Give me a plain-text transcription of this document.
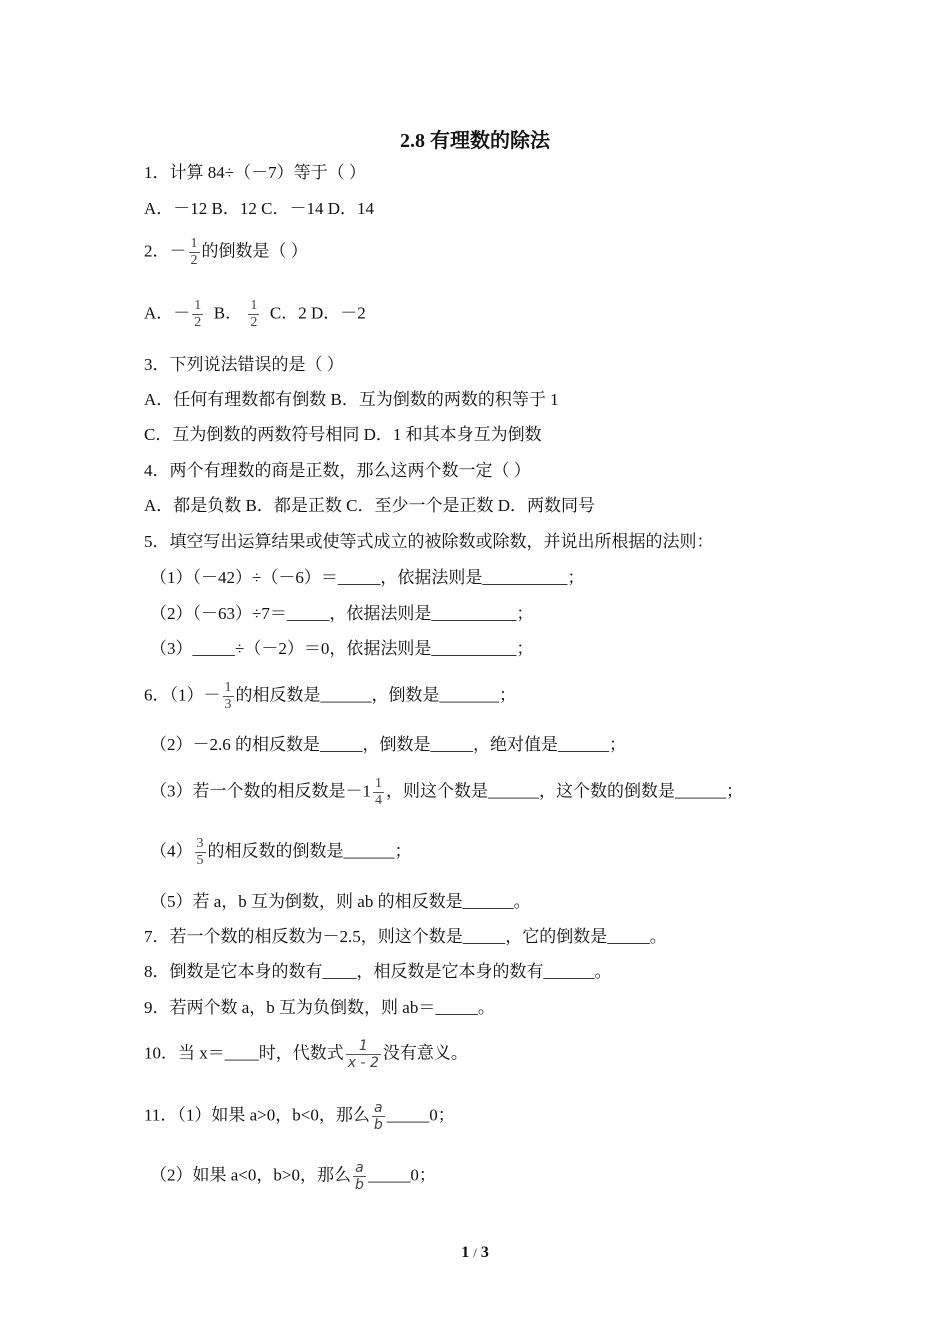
2.8 有理数的除法
1．计算 84÷（－7）等于（ ）
A．－12 B．12 C．－14 D．14
2．－ $\frac{1}{2}$ 的倒数是（ ）
A．－ $\frac{1}{2}$ B． $\frac{1}{2}$ C．2 D．－2
3．下列说法错误的是（ ）
A．任何有理数都有倒数 B．互为倒数的两数的积等于 1
C．互为倒数的两数符号相同 D．1 和其本身互为倒数
4．两个有理数的商是正数，那么这两个数一定（ ）
A．都是负数 B．都是正数 C．至少一个是正数 D．两数同号
5．填空写出运算结果或使等式成立的被除数或除数，并说出所根据的法则：
（1）（－42）÷（－6）＝_____，依据法则是__________；
（2）（－63）÷7＝_____，依据法则是__________；
（3）_____÷（－2）＝0，依据法则是__________；
6．$(1)- \frac{1}{3}$ 的相反数是______，倒数是_______；
（2）－2.6 的相反数是_____，倒数是_____，绝对值是______；
（3）若一个数的相反数是$-1 \frac{1}{4}$ ，则这个数是______，这个数的倒数是______；
$(4) \frac{3}{5}$ 的相反数的倒数是______；
（5）若 a，b 互为倒数，则 ab 的相反数是______。
7．若一个数的相反数为－2.5，则这个数是_____，它的倒数是_____。
8．倒数是它本身的数有____，相反数是它本身的数有______。
9．若两个数 a，b 互为负倒数，则 ab＝_____。
10．当 x＝____时，代数式 $\frac{1}{x - 2}$ 没有意义。
11．（1）如果 a>0，b<0，那么 $\frac{a}{b}$ _____0；
（2）如果 a<0，b>0，那么 $\frac{a}{b}$ _____0；
1 / 3
